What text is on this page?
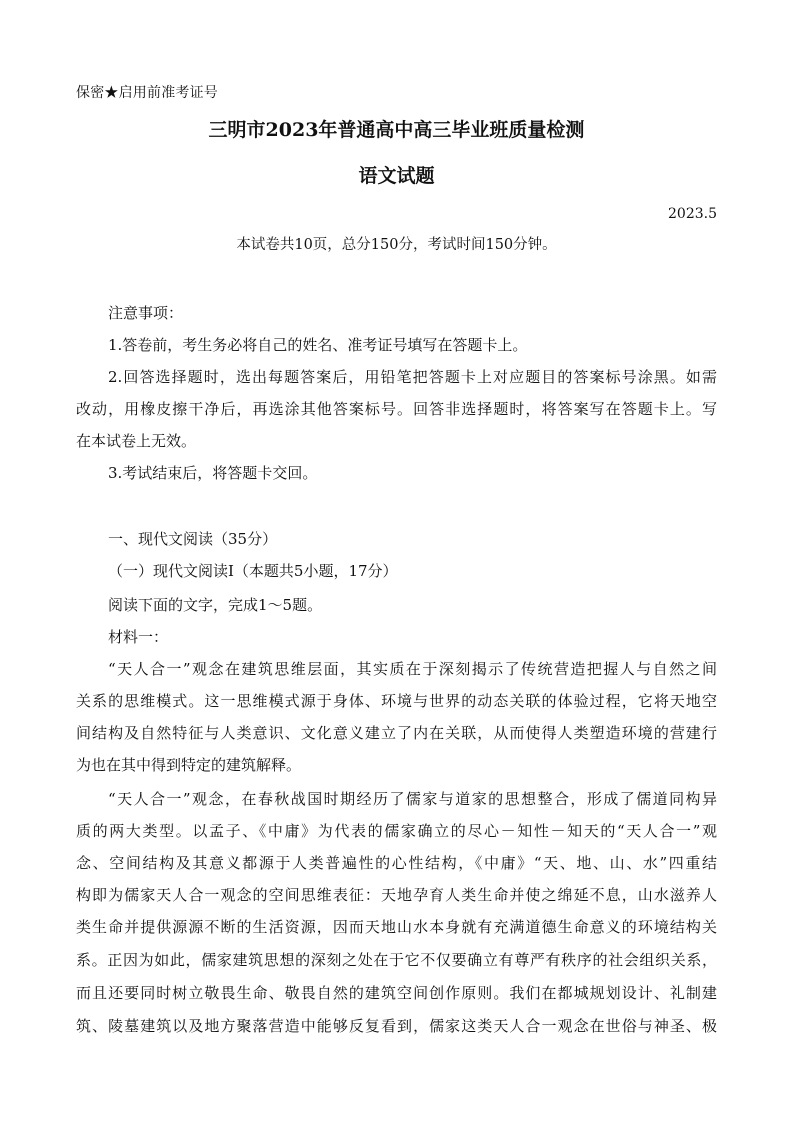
保密★启用前准考证号
三明市2023年普通高中高三毕业班质量检测
语文试题
2023.5
本试卷共10页，总分150分，考试时间150分钟。
注意事项：
1.答卷前，考生务必将自己的姓名、准考证号填写在答题卡上。
2.回答选择题时，选出每题答案后，用铅笔把答题卡上对应题目的答案标号涂黑。如需
改动，用橡皮擦干净后，再选涂其他答案标号。回答非选择题时，将答案写在答题卡上。写
在本试卷上无效。
3.考试结束后，将答题卡交回。
一、现代文阅读（35分）
（一）现代文阅读Ⅰ（本题共5小题，17分）
阅读下面的文字，完成1～5题。
材料一：
“天人合一”观念在建筑思维层面，其实质在于深刻揭示了传统营造把握人与自然之间
关系的思维模式。这一思维模式源于身体、环境与世界的动态关联的体验过程，它将天地空
间结构及自然特征与人类意识、文化意义建立了内在关联，从而使得人类塑造环境的营建行
为也在其中得到特定的建筑解释。
“天人合一”观念，在春秋战国时期经历了儒家与道家的思想整合，形成了儒道同构异
质的两大类型。以孟子、《中庸》为代表的儒家确立的尽心－知性－知天的“天人合一”观
念、空间结构及其意义都源于人类普遍性的心性结构，《中庸》“天、地、山、水”四重结
构即为儒家天人合一观念的空间思维表征：天地孕育人类生命并使之绵延不息，山水滋养人
类生命并提供源源不断的生活资源，因而天地山水本身就有充满道德生命意义的环境结构关
系。正因为如此，儒家建筑思想的深刻之处在于它不仅要确立有尊严有秩序的社会组织关系，
而且还要同时树立敬畏生命、敬畏自然的建筑空间创作原则。我们在都城规划设计、礼制建
筑、陵墓建筑以及地方聚落营造中能够反复看到，儒家这类天人合一观念在世俗与神圣、极
